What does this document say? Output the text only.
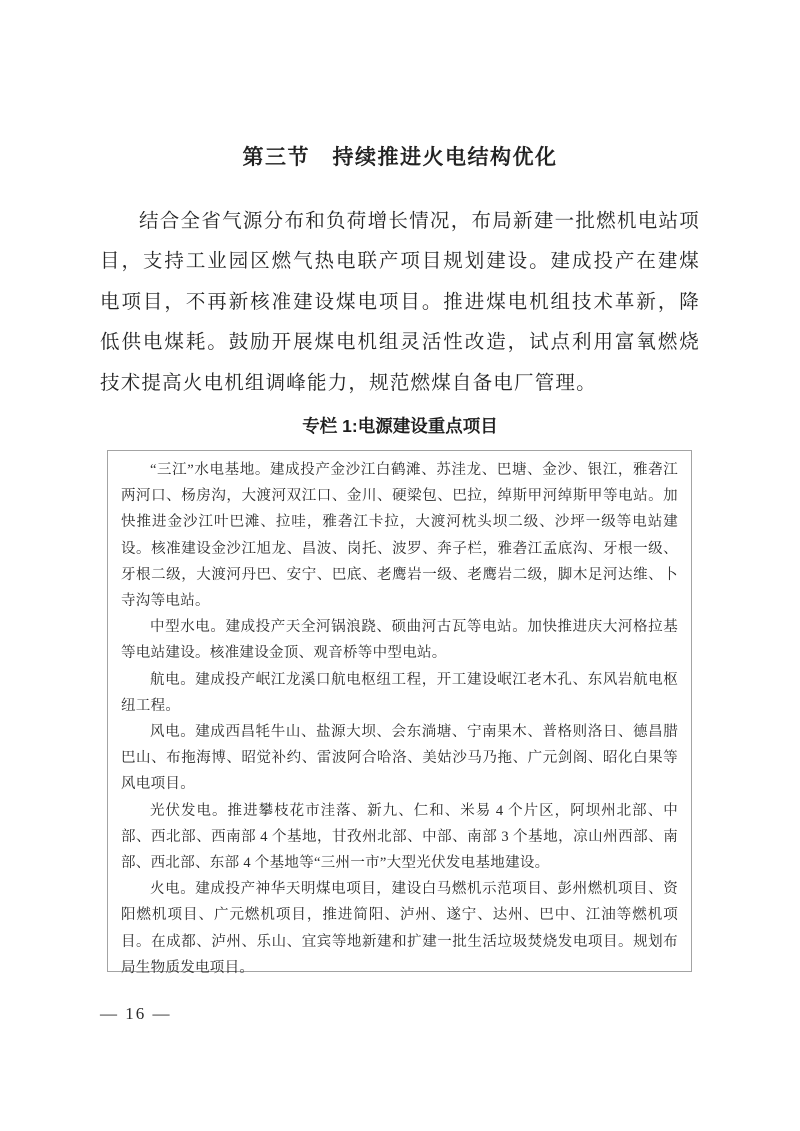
第三节　持续推进火电结构优化
结合全省气源分布和负荷增长情况，布局新建一批燃机电站项目，支持工业园区燃气热电联产项目规划建设。建成投产在建煤电项目，不再新核准建设煤电项目。推进煤电机组技术革新，降低供电煤耗。鼓励开展煤电机组灵活性改造，试点利用富氧燃烧技术提高火电机组调峰能力，规范燃煤自备电厂管理。
专栏 1:电源建设重点项目

“三江”水电基地。建成投产金沙江白鹤滩、苏洼龙、巴塘、金沙、银江，雅砻江两河口、杨房沟，大渡河双江口、金川、硬梁包、巴拉，绰斯甲河绰斯甲等电站。加快推进金沙江叶巴滩、拉哇，雅砻江卡拉，大渡河枕头坝二级、沙坪一级等电站建设。核准建设金沙江旭龙、昌波、岗托、波罗、奔子栏，雅砻江孟底沟、牙根一级、牙根二级，大渡河丹巴、安宁、巴底、老鹰岩一级、老鹰岩二级，脚木足河达维、卜寺沟等电站。

中型水电。建成投产天全河锅浪跷、硕曲河古瓦等电站。加快推进庆大河格拉基等电站建设。核准建设金顶、观音桥等中型电站。

航电。建成投产岷江龙溪口航电枢纽工程，开工建设岷江老木孔、东风岩航电枢纽工程。

风电。建成西昌牦牛山、盐源大坝、会东淌塘、宁南果木、普格则洛日、德昌腊巴山、布拖海博、昭觉补约、雷波阿合哈洛、美姑沙马乃拖、广元剑阁、昭化白果等风电项目。

光伏发电。推进攀枝花市洼落、新九、仁和、米易 4 个片区，阿坝州北部、中部、西北部、西南部 4 个基地，甘孜州北部、中部、南部 3 个基地，凉山州西部、南部、西北部、东部 4 个基地等“三州一市”大型光伏发电基地建设。

火电。建成投产神华天明煤电项目，建设白马燃机示范项目、彭州燃机项目、资阳燃机项目、广元燃机项目，推进简阳、泸州、遂宁、达州、巴中、江油等燃机项目。在成都、泸州、乐山、宜宾等地新建和扩建一批生活垃圾焚烧发电项目。规划布局生物质发电项目。

— 16 —
